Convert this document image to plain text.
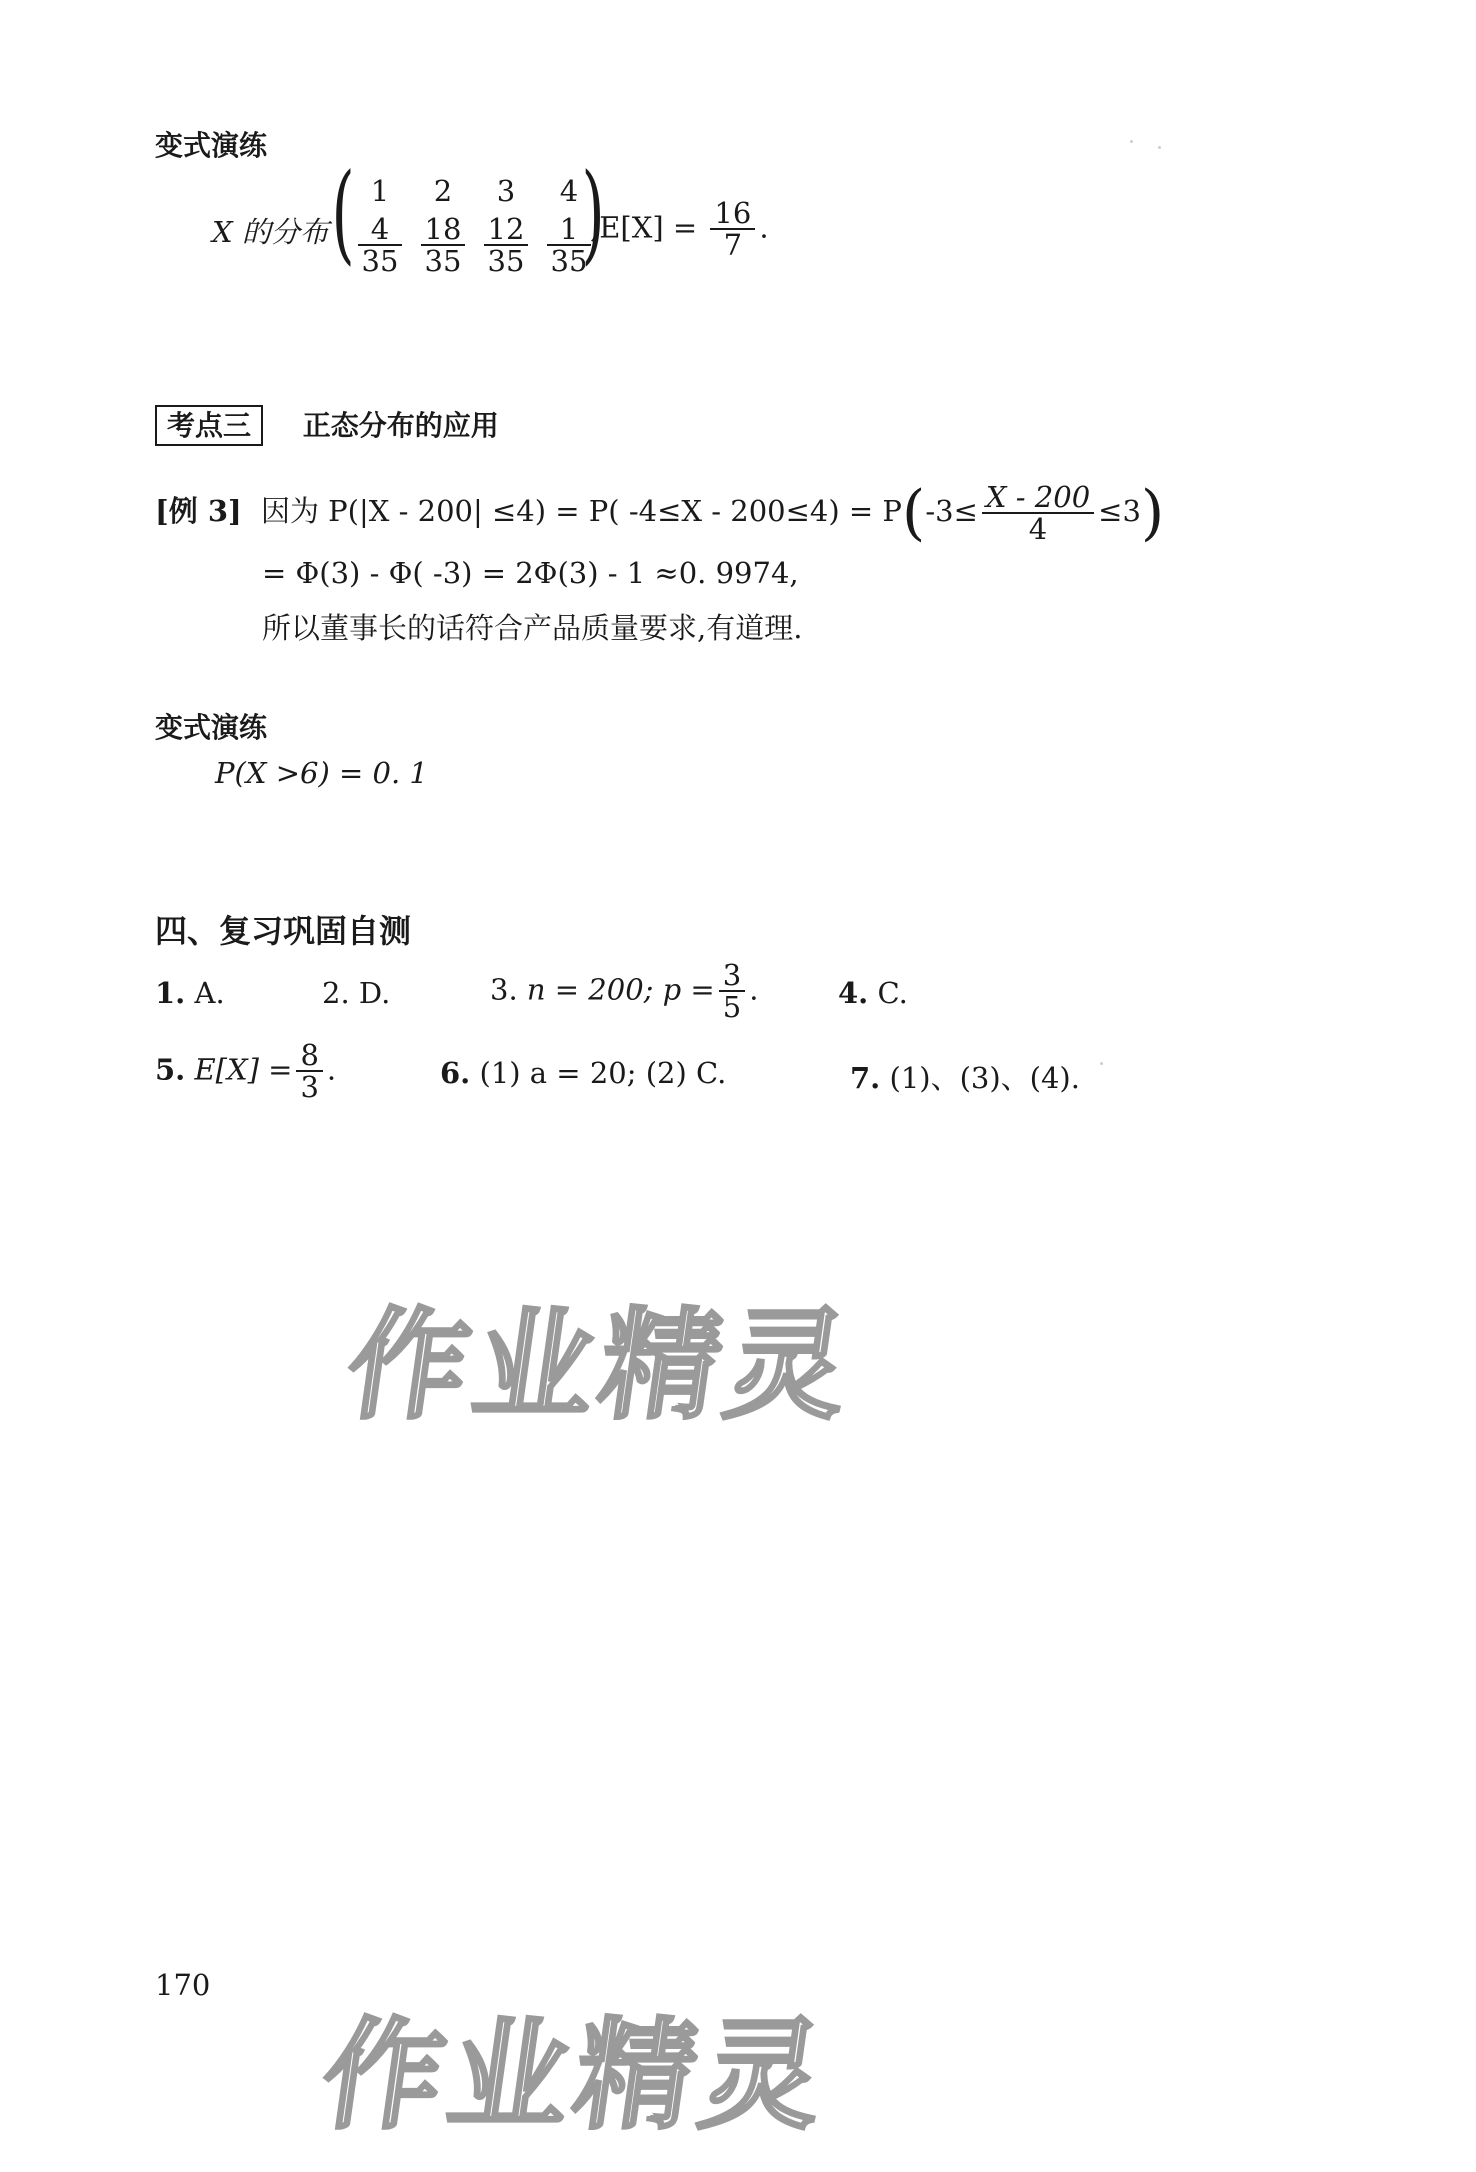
变式演练
X 的分布 ( )
1	2	3	4
$\frac{4}{35} \frac{18}{35} \frac{12}{35} \frac{1}{35}$
$,E[X] = \frac{16}{7}$ .
考点三 正态分布的应用
[例 3] 因为 P(|X - 200| ≤4) = P( $-4\le X - 200\le 4) = P(-3\le \frac{X - 200}{4} \le 3)$
= Φ(3) - Φ( -3) = 2Φ(3) - 1 ≈0. 9974,
所以董事长的话符合产品质量要求,有道理.
变式演练
P(X >6) = 0. 1
四、复习巩固自测
1. A.	2. D.	3. n = 200; $p = \frac{3}{5}$ .	4. C.
5. $E[X] = \frac{8}{3}$ .	6. (1) a = 20; (2) C.	7. (1)、(3)、(4).
作业精灵
作业精灵
170
